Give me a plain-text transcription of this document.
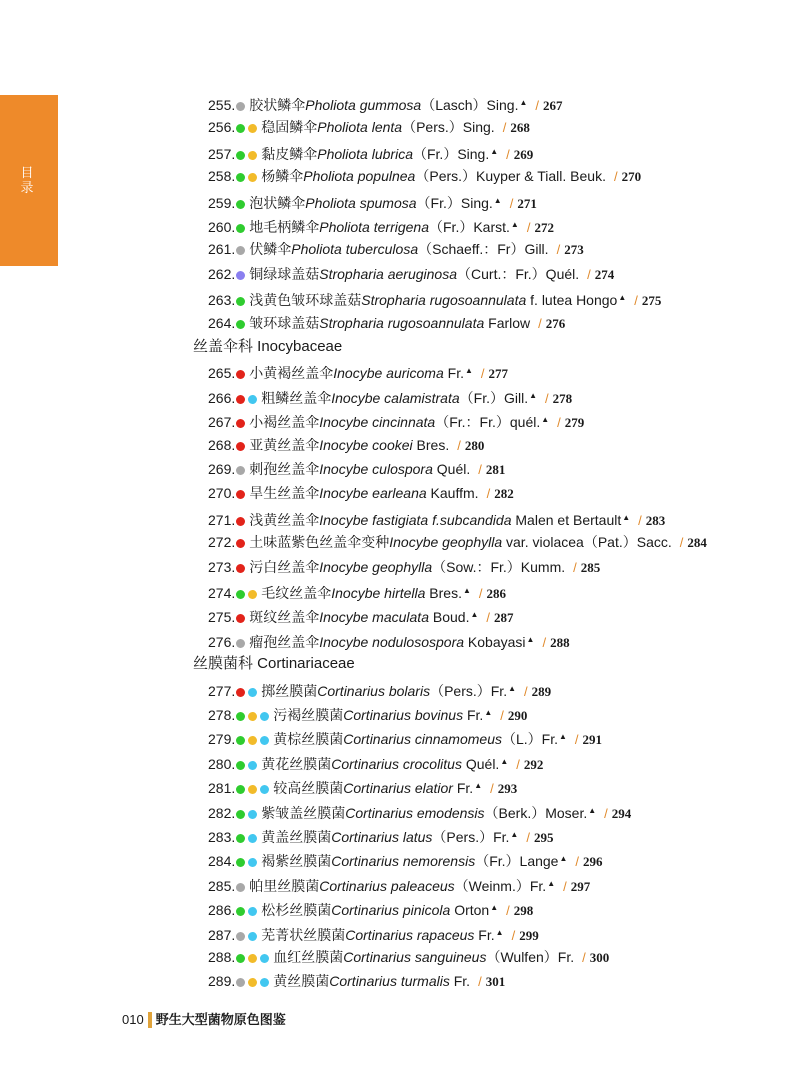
目录
255. 胶状鳞伞Pholiota gummosa（Lasch）Sing.▲ / 267
256. 稳固鳞伞Pholiota lenta（Pers.）Sing. / 268
257. 黏皮鳞伞Pholiota lubrica（Fr.）Sing.▲ / 269
258. 杨鳞伞Pholiota populnea（Pers.）Kuyper & Tiall. Beuk. / 270
259. 泡状鳞伞Pholiota spumosa（Fr.）Sing.▲ / 271
260. 地毛柄鳞伞Pholiota terrigena（Fr.）Karst.▲ / 272
261. 伏鳞伞Pholiota tuberculosa（Schaeff.：Fr）Gill. / 273
262. 铜绿球盖菇Stropharia aeruginosa（Curt.：Fr.）Quél. / 274
263. 浅黄色皱环球盖菇Stropharia rugosoannulata f. lutea Hongo▲ / 275
264. 皱环球盖菇Stropharia rugosoannulata Farlow / 276
丝盖伞科 Inocybaceae
265. 小黄褐丝盖伞Inocybe auricoma Fr.▲ / 277
266. 粗鳞丝盖伞Inocybe calamistrata（Fr.）Gill.▲ / 278
267. 小褐丝盖伞Inocybe cincinnata（Fr.：Fr.）quél.▲ / 279
268. 亚黄丝盖伞Inocybe cookei Bres. / 280
269. 刺孢丝盖伞Inocybe culospora Quél. / 281
270. 旱生丝盖伞Inocybe earleana Kauffm. / 282
271. 浅黄丝盖伞Inocybe fastigiata f.subcandida Malen et Bertault▲ / 283
272. 土味蓝紫色丝盖伞变种Inocybe geophylla var. violacea（Pat.）Sacc. / 284
273. 污白丝盖伞Inocybe geophylla（Sow.：Fr.）Kumm. / 285
274. 毛纹丝盖伞Inocybe hirtella Bres.▲ / 286
275. 斑纹丝盖伞Inocybe maculata Boud.▲ / 287
276. 瘤孢丝盖伞Inocybe nodulosospora Kobayasi▲ / 288
丝膜菌科 Cortinariaceae
277. 掷丝膜菌Cortinarius bolaris（Pers.）Fr.▲ / 289
278.	污褐丝膜菌Cortinarius bovinus Fr.▲ / 290
279.	黄棕丝膜菌Cortinarius cinnamomeus（L.）Fr.▲ / 291
280. 黄花丝膜菌Cortinarius crocolitus Quél.▲ / 292
281.	较高丝膜菌Cortinarius elatior Fr.▲ / 293
282. 紫皱盖丝膜菌Cortinarius emodensis（Berk.）Moser.▲ / 294
283. 黄盖丝膜菌Cortinarius latus（Pers.）Fr.▲ / 295
284. 褐紫丝膜菌Cortinarius nemorensis（Fr.）Lange▲ / 296
285. 帕里丝膜菌Cortinarius paleaceus（Weinm.）Fr.▲ / 297
286. 松杉丝膜菌Cortinarius pinicola Orton▲ / 298
287. 芜菁状丝膜菌Cortinarius rapaceus Fr.▲ / 299
288.	血红丝膜菌Cortinarius sanguineus（Wulfen）Fr. / 300
289.	黄丝膜菌Cortinarius turmalis Fr. / 301
010 野生大型菌物原色图鉴
